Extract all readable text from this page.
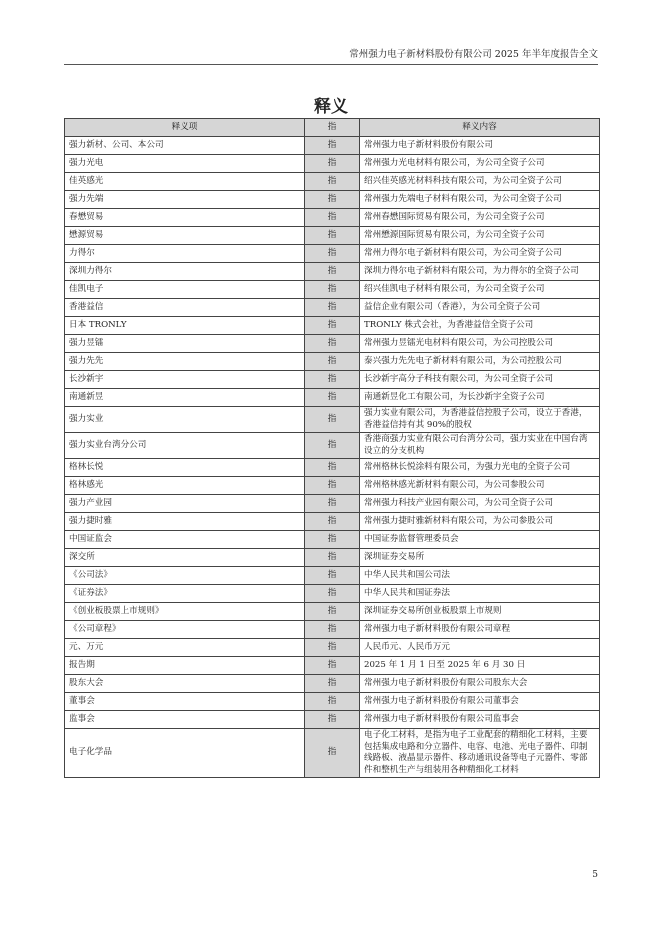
常州强力电子新材料股份有限公司 2025 年半年度报告全文
释义
释义项	指	释义内容
强力新材、公司、本公司	指	常州强力电子新材料股份有限公司
强力光电	指	常州强力光电材料有限公司，为公司全资子公司
佳英感光	指	绍兴佳英感光材料科技有限公司，为公司全资子公司
强力先端	指	常州强力先端电子材料有限公司，为公司全资子公司
春懋贸易	指	常州春懋国际贸易有限公司，为公司全资子公司
懋源贸易	指	常州懋源国际贸易有限公司，为公司全资子公司
力得尔	指	常州力得尔电子新材料有限公司，为公司全资子公司
深圳力得尔	指	深圳力得尔电子新材料有限公司，为力得尔的全资子公司
佳凯电子	指	绍兴佳凯电子材料有限公司，为公司全资子公司
香港益信	指	益信企业有限公司（香港），为公司全资子公司
日本 TRONLY	指	TRONLY 株式会社，为香港益信全资子公司
强力昱镭	指	常州强力昱镭光电材料有限公司，为公司控股公司
强力先先	指	泰兴强力先先电子新材料有限公司，为公司控股公司
长沙新宇	指	长沙新宇高分子科技有限公司，为公司全资子公司
南通新昱	指	南通新昱化工有限公司，为长沙新宇全资子公司
强力实业	指	强力实业有限公司，为香港益信控股子公司，设立于香港，香港益信持有其 90%的股权
强力实业台湾分公司	指	香港商强力实业有限公司台湾分公司，强力实业在中国台湾设立的分支机构
格林长悦	指	常州格林长悦涂料有限公司，为强力光电的全资子公司
格林感光	指	常州格林感光新材料有限公司，为公司参股公司
强力产业园	指	常州强力科技产业园有限公司，为公司全资子公司
强力捷时雅	指	常州强力捷时雅新材料有限公司，为公司参股公司
中国证监会	指	中国证券监督管理委员会
深交所	指	深圳证券交易所
《公司法》	指	中华人民共和国公司法
《证券法》	指	中华人民共和国证券法
《创业板股票上市规则》	指	深圳证券交易所创业板股票上市规则
《公司章程》	指	常州强力电子新材料股份有限公司章程
元、万元	指	人民币元、人民币万元
报告期	指	2025 年 1 月 1 日至 2025 年 6 月 30 日
股东大会	指	常州强力电子新材料股份有限公司股东大会
董事会	指	常州强力电子新材料股份有限公司董事会
监事会	指	常州强力电子新材料股份有限公司监事会
电子化学品	指	电子化工材料，是指为电子工业配套的精细化工材料，主要包括集成电路和分立器件、电容、电池、光电子器件、印制线路板、液晶显示器件、移动通讯设备等电子元器件、零部件和整机生产与组装用各种精细化工材料
5
